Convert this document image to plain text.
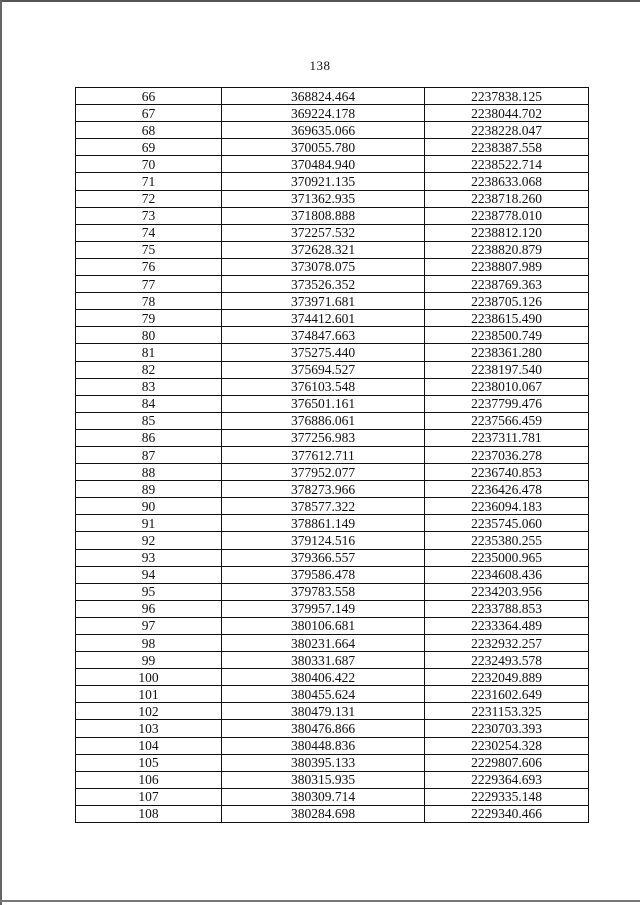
138
66	368824.464	2237838.125
67	369224.178	2238044.702
68	369635.066	2238228.047
69	370055.780	2238387.558
70	370484.940	2238522.714
71	370921.135	2238633.068
72	371362.935	2238718.260
73	371808.888	2238778.010
74	372257.532	2238812.120
75	372628.321	2238820.879
76	373078.075	2238807.989
77	373526.352	2238769.363
78	373971.681	2238705.126
79	374412.601	2238615.490
80	374847.663	2238500.749
81	375275.440	2238361.280
82	375694.527	2238197.540
83	376103.548	2238010.067
84	376501.161	2237799.476
85	376886.061	2237566.459
86	377256.983	2237311.781
87	377612.711	2237036.278
88	377952.077	2236740.853
89	378273.966	2236426.478
90	378577.322	2236094.183
91	378861.149	2235745.060
92	379124.516	2235380.255
93	379366.557	2235000.965
94	379586.478	2234608.436
95	379783.558	2234203.956
96	379957.149	2233788.853
97	380106.681	2233364.489
98	380231.664	2232932.257
99	380331.687	2232493.578
100	380406.422	2232049.889
101	380455.624	2231602.649
102	380479.131	2231153.325
103	380476.866	2230703.393
104	380448.836	2230254.328
105	380395.133	2229807.606
106	380315.935	2229364.693
107	380309.714	2229335.148
108	380284.698	2229340.466
